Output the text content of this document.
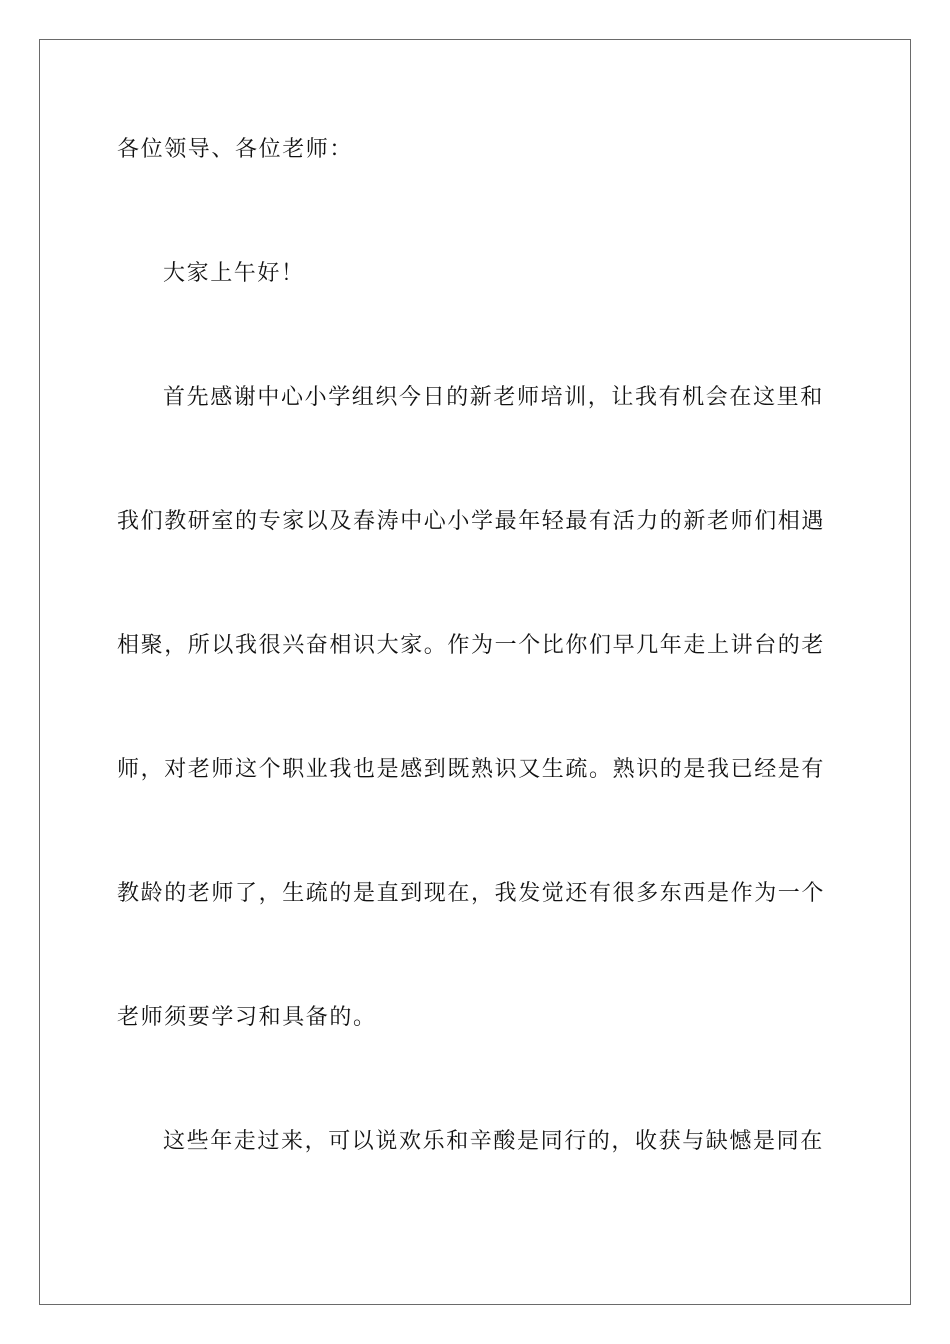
各位领导、各位老师：
大家上午好！
首先感谢中心小学组织今日的新老师培训，让我有机会在这里和
我们教研室的专家以及春涛中心小学最年轻最有活力的新老师们相遇
相聚，所以我很兴奋相识大家。作为一个比你们早几年走上讲台的老
师，对老师这个职业我也是感到既熟识又生疏。熟识的是我已经是有
教龄的老师了，生疏的是直到现在，我发觉还有很多东西是作为一个
老师须要学习和具备的。
这些年走过来，可以说欢乐和辛酸是同行的，收获与缺憾是同在
